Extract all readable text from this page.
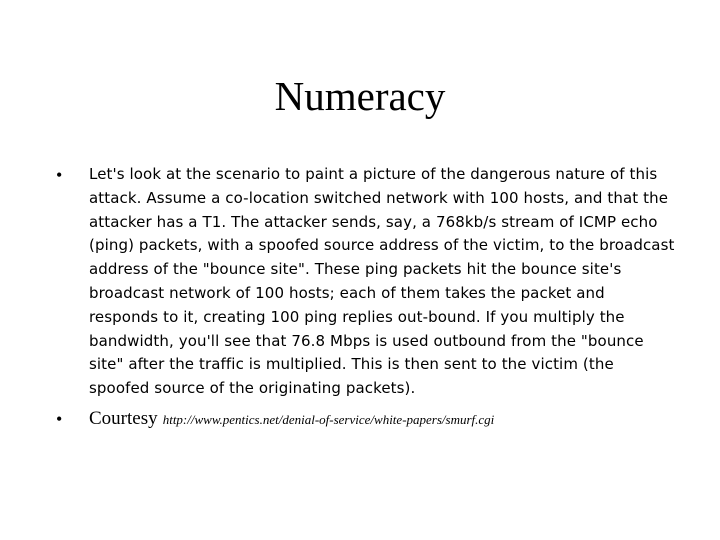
Numeracy
• Let's look at the scenario to paint a picture of the dangerous nature of this attack. Assume a co-location switched network with 100 hosts, and that the attacker has a T1. The attacker sends, say, a 768kb/s stream of ICMP echo (ping) packets, with a spoofed source address of the victim, to the broadcast address of the "bounce site". These ping packets hit the bounce site's broadcast network of 100 hosts; each of them takes the packet and responds to it, creating 100 ping replies out-bound. If you multiply the bandwidth, you'll see that 76.8 Mbps is used outbound from the "bounce site" after the traffic is multiplied. This is then sent to the victim (the spoofed source of the originating packets).
• Courtesy http://www.pentics.net/denial-of-service/white-papers/smurf.cgi
